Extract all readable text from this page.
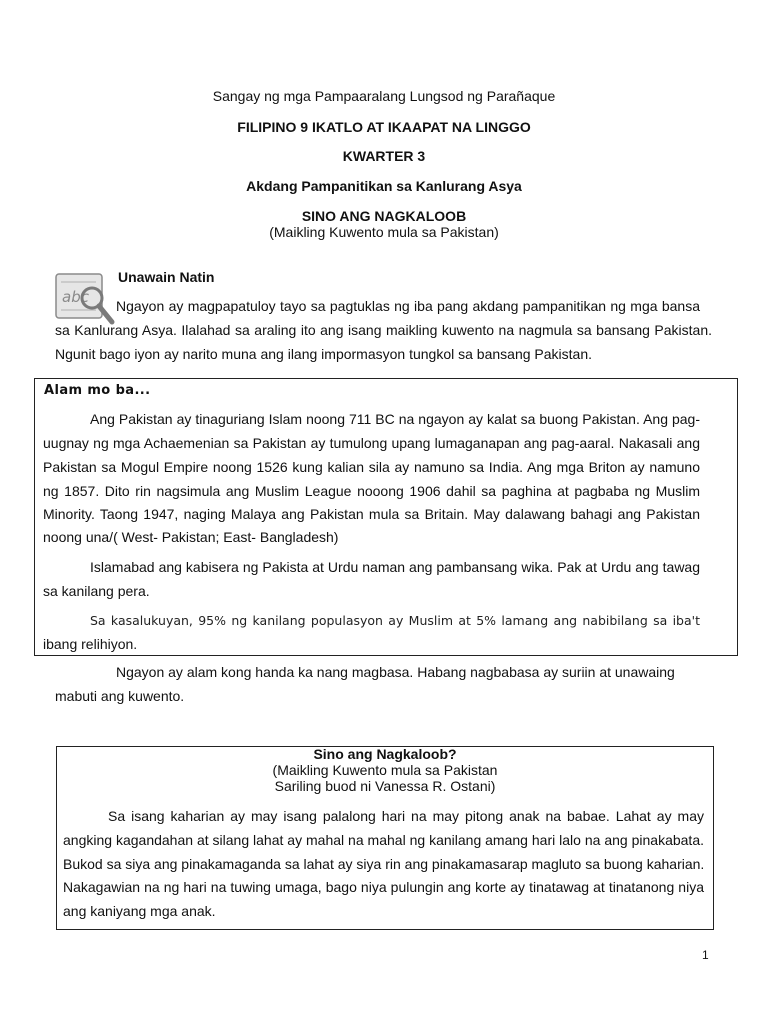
Sangay ng mga Pampaaralang Lungsod ng Parañaque
FILIPINO 9 IKATLO AT IKAAPAT NA LINGGO
KWARTER 3
Akdang Pampanitikan sa Kanlurang Asya
SINO ANG NAGKALOOB
(Maikling Kuwento mula sa Pakistan)
abc
Unawain Natin
Ngayon ay magpapatuloy tayo sa pagtuklas ng iba pang akdang pampanitikan ng mga bansa
sa Kanlurang Asya. Ilalahad sa araling ito ang isang maikling kuwento na nagmula sa bansang Pakistan.
Ngunit bago iyon ay narito muna ang ilang impormasyon tungkol sa bansang Pakistan.
Alam mo ba...
Ang Pakistan ay tinaguriang Islam noong 711 BC na ngayon ay kalat sa buong Pakistan. Ang pag-
uugnay ng mga Achaemenian sa Pakistan ay tumulong upang lumaganapan ang pag-aaral. Nakasali ang
Pakistan sa Mogul Empire noong 1526 kung kalian sila ay namuno sa India. Ang mga Briton ay namuno
ng 1857. Dito rin nagsimula ang Muslim League nooong 1906 dahil sa paghina at pagbaba ng Muslim
Minority. Taong 1947, naging Malaya ang Pakistan mula sa Britain. May dalawang bahagi ang Pakistan
noong una/( West- Pakistan; East- Bangladesh)
Islamabad ang kabisera ng Pakista at Urdu naman ang pambansang wika. Pak at Urdu ang tawag
sa kanilang pera.
Sa kasalukuyan, 95% ng kanilang populasyon ay Muslim at 5% lamang ang nabibilang sa iba't
ibang relihiyon.
Ngayon ay alam kong handa ka nang magbasa. Habang nagbabasa ay suriin at unawaing
mabuti ang kuwento.
Sino ang Nagkaloob?
(Maikling Kuwento mula sa Pakistan
Sariling buod ni Vanessa R. Ostani)
Sa isang kaharian ay may isang palalong hari na may pitong anak na babae. Lahat ay may
angking kagandahan at silang lahat ay mahal na mahal ng kanilang amang hari lalo na ang pinakabata.
Bukod sa siya ang pinakamaganda sa lahat ay siya rin ang pinakamasarap magluto sa buong kaharian.
Nakagawian na ng hari na tuwing umaga, bago niya pulungin ang korte ay tinatawag at tinatanong niya
ang kaniyang mga anak.
1
